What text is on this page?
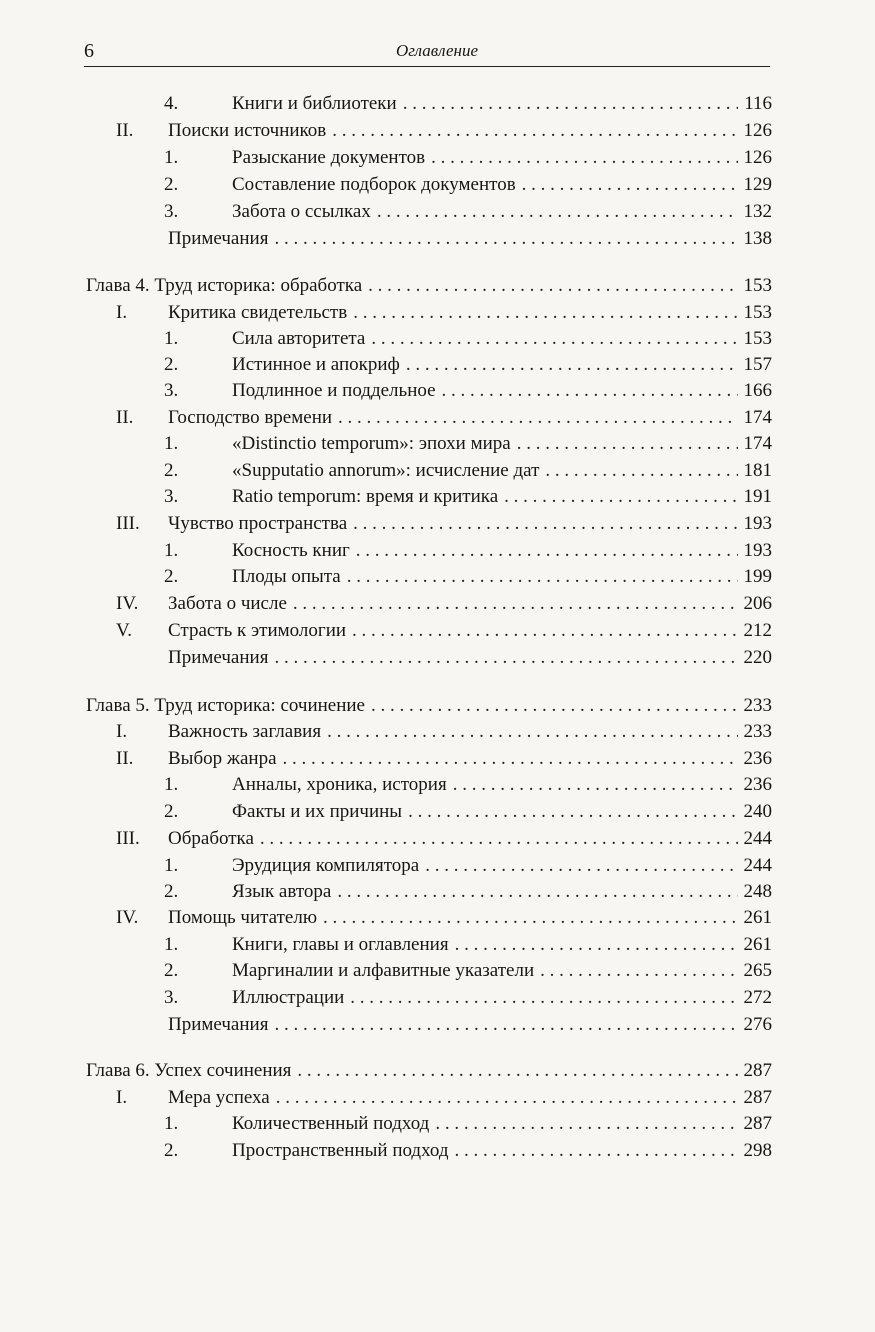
6	Оглавление
4.	Книги и библиотеки . . .	116
II.	Поиски источников . . .	126
1.	Разыскание документов . . .	126
2.	Составление подборок документов . . .	129
3.	Забота о ссылках . . .	132
Примечания . . .	138
Глава 4. Труд историка: обработка . . .	153
I.	Критика свидетельств . . .	153
1.	Сила авторитета . . .	153
2.	Истинное и апокриф . . .	157
3.	Подлинное и поддельное . . .	166
II.	Господство времени . . .	174
1.	«Distinctio temporum»: эпохи мира . . .	174
2.	«Supputatio annorum»: исчисление дат . . .	181
3.	Ratio temporum: время и критика . . .	191
III.	Чувство пространства . . .	193
1.	Косность книг . . .	193
2.	Плоды опыта . . .	199
IV.	Забота о числе . . .	206
V.	Страсть к этимологии . . .	212
Примечания . . .	220
Глава 5. Труд историка: сочинение . . .	233
I.	Важность заглавия . . .	233
II.	Выбор жанра . . .	236
1.	Анналы, хроника, история . . .	236
2.	Факты и их причины . . .	240
III.	Обработка . . .	244
1.	Эрудиция компилятора . . .	244
2.	Язык автора . . .	248
IV.	Помощь читателю . . .	261
1.	Книги, главы и оглавления . . .	261
2.	Маргиналии и алфавитные указатели . . .	265
3.	Иллюстрации . . .	272
Примечания . . .	276
Глава 6. Успех сочинения . . .	287
I.	Мера успеха . . .	287
1.	Количественный подход . . .	287
2.	Пространственный подход . . .	298
